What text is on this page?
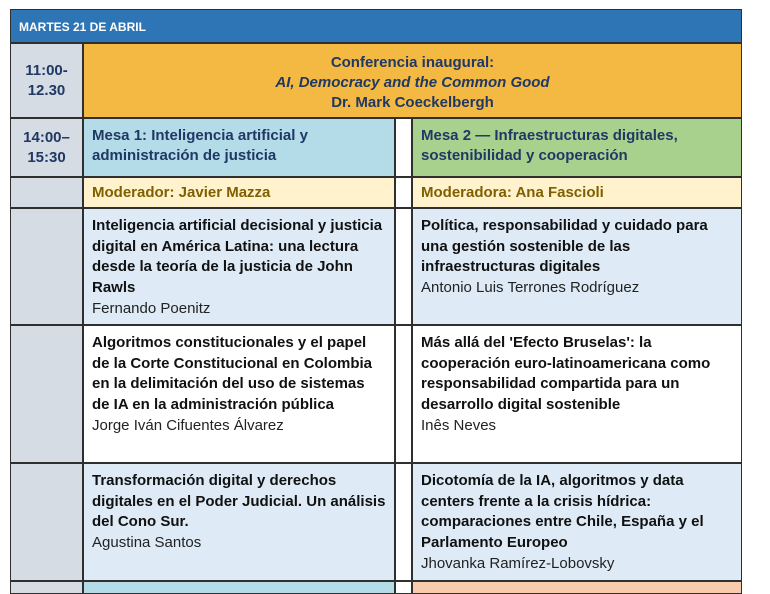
MARTES 21 DE ABRIL
11:00-
12.30
Conferencia inaugural:
AI, Democracy and the Common Good
Dr. Mark Coeckelbergh
14:00–
15:30
Mesa 1: Inteligencia artificial y administración de justicia
Mesa 2 — Infraestructuras digitales, sostenibilidad y cooperación
Moderador: Javier Mazza	Moderadora: Ana Fascioli
Inteligencia artificial decisional y justicia digital en América Latina: una lectura desde la teoría de la justicia de John Rawls
Fernando Poenitz
Política, responsabilidad y cuidado para una gestión sostenible de las infraestructuras digitales
Antonio Luis Terrones Rodríguez
Algoritmos constitucionales y el papel de la Corte Constitucional en Colombia en la delimitación del uso de sistemas de IA en la administración pública
Jorge Iván Cifuentes Álvarez
Más allá del 'Efecto Bruselas': la cooperación euro-latinoamericana como responsabilidad compartida para un desarrollo digital sostenible
Inês Neves
Transformación digital y derechos digitales en el Poder Judicial. Un análisis del Cono Sur.
Agustina Santos
Dicotomía de la IA, algoritmos y data centers frente a la crisis hídrica: comparaciones entre Chile, España y el Parlamento Europeo
Jhovanka Ramírez-Lobovsky
